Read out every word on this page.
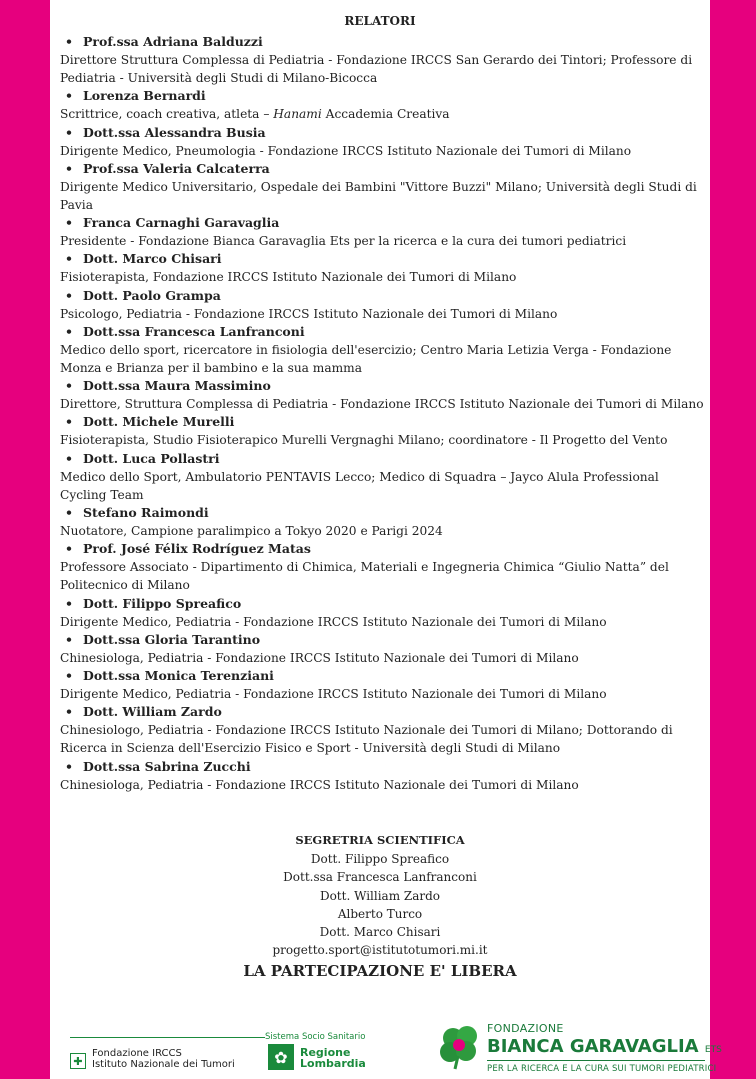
RELATORI
• Prof.ssa Adriana Balduzzi
Direttore Struttura Complessa di Pediatria - Fondazione IRCCS San Gerardo dei Tintori; Professore di Pediatria - Università degli Studi di Milano-Bicocca
• Lorenza Bernardi
Scrittrice, coach creativa, atleta – Hanami Accademia Creativa
• Dott.ssa Alessandra Busia
Dirigente Medico, Pneumologia - Fondazione IRCCS Istituto Nazionale dei Tumori di Milano
• Prof.ssa Valeria Calcaterra
Dirigente Medico Universitario, Ospedale dei Bambini "Vittore Buzzi" Milano; Università degli Studi di Pavia
• Franca Carnaghi Garavaglia
Presidente - Fondazione Bianca Garavaglia Ets per la ricerca e la cura dei tumori pediatrici
• Dott. Marco Chisari
Fisioterapista, Fondazione IRCCS Istituto Nazionale dei Tumori di Milano
• Dott. Paolo Grampa
Psicologo, Pediatria - Fondazione IRCCS Istituto Nazionale dei Tumori di Milano
• Dott.ssa Francesca Lanfranconi
Medico dello sport, ricercatore in fisiologia dell'esercizio; Centro Maria Letizia Verga - Fondazione Monza e Brianza per il bambino e la sua mamma
• Dott.ssa Maura Massimino
Direttore, Struttura Complessa di Pediatria - Fondazione IRCCS Istituto Nazionale dei Tumori di Milano
• Dott. Michele Murelli
Fisioterapista, Studio Fisioterapico Murelli Vergnaghi Milano; coordinatore - Il Progetto del Vento
• Dott. Luca Pollastri
Medico dello Sport, Ambulatorio PENTAVIS Lecco; Medico di Squadra – Jayco Alula Professional Cycling Team
• Stefano Raimondi
Nuotatore, Campione paralimpico a Tokyo 2020 e Parigi 2024
• Prof. José Félix Rodríguez Matas
Professore Associato - Dipartimento di Chimica, Materiali e Ingegneria Chimica “Giulio Natta” del Politecnico di Milano
• Dott. Filippo Spreafico
Dirigente Medico, Pediatria - Fondazione IRCCS Istituto Nazionale dei Tumori di Milano
• Dott.ssa Gloria Tarantino
Chinesiologa, Pediatria - Fondazione IRCCS Istituto Nazionale dei Tumori di Milano
• Dott.ssa Monica Terenziani
Dirigente Medico, Pediatria - Fondazione IRCCS Istituto Nazionale dei Tumori di Milano
• Dott. William Zardo
Chinesiologo, Pediatria - Fondazione IRCCS Istituto Nazionale dei Tumori di Milano; Dottorando di Ricerca in Scienza dell'Esercizio Fisico e Sport - Università degli Studi di Milano
• Dott.ssa Sabrina Zucchi
Chinesiologa, Pediatria - Fondazione IRCCS Istituto Nazionale dei Tumori di Milano
SEGRETRIA SCIENTIFICA
Dott. Filippo Spreafico
Dott.ssa Francesca Lanfranconi
Dott. William Zardo
Alberto Turco
Dott. Marco Chisari
progetto.sport@istitutotumori.mi.it
LA PARTECIPAZIONE E' LIBERA
Sistema Socio Sanitario
✚
Fondazione IRCCS
Istituto Nazionale dei Tumori	✿	Regione
Lombardia
FONDAZIONE
BIANCA GARAVAGLIA ETS
PER LA RICERCA E LA CURA SUI TUMORI PEDIATRICI
